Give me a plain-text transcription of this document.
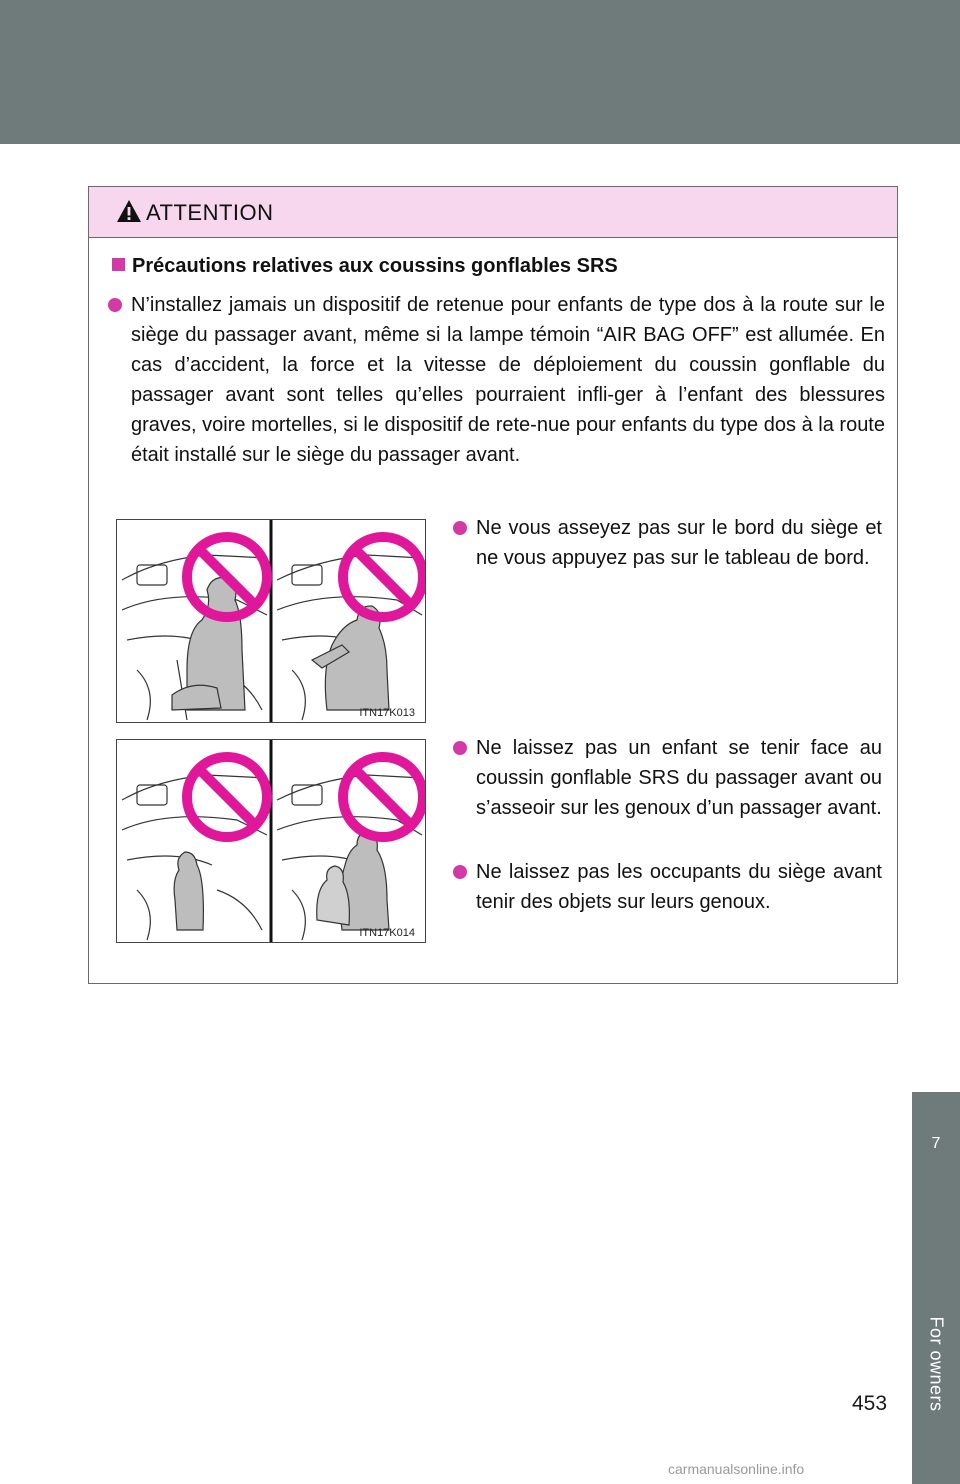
ATTENTION
Précautions relatives aux coussins gonflables SRS
N’installez jamais un dispositif de retenue pour enfants de type dos à la route sur le siège du passager avant, même si la lampe témoin “AIR BAG OFF” est allumée. En cas d’accident, la force et la vitesse de déploiement du coussin gonflable du passager avant sont telles qu’elles pourraient infli-ger à l’enfant des blessures graves, voire mortelles, si le dispositif de rete-nue pour enfants du type dos à la route était installé sur le siège du passager avant.
ITN17K013
Ne vous asseyez pas sur le bord du siège et ne vous appuyez pas sur le tableau de bord.
ITN17K014
Ne laissez pas un enfant se tenir face au coussin gonflable SRS du passager avant ou s’asseoir sur les genoux d’un passager avant.
Ne laissez pas les occupants du siège avant tenir des objets sur leurs genoux.
7
For owners
453
carmanualsonline.info
